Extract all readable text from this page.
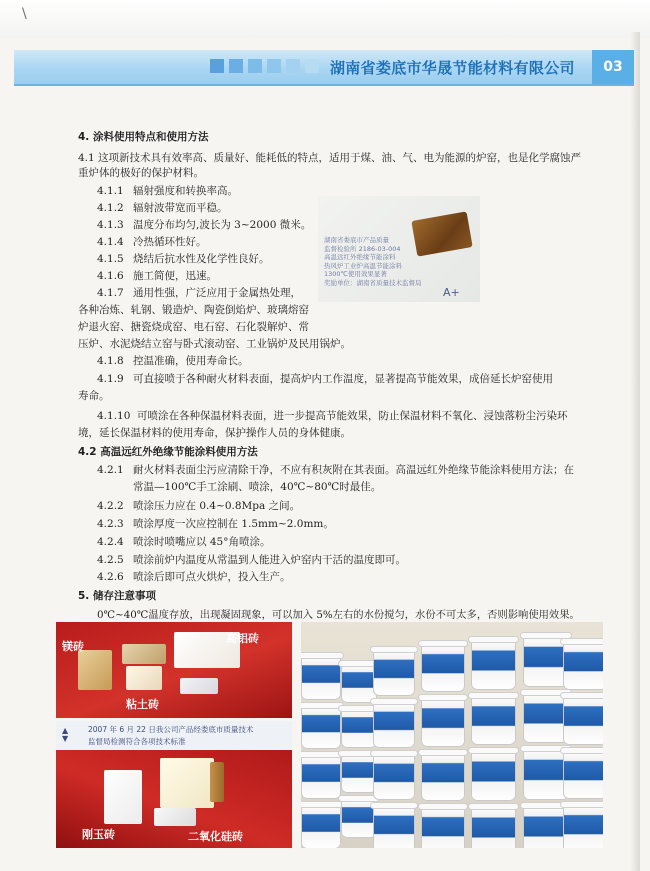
\
湖南省娄底市华晟节能材料有限公司	03
4. 涂料使用特点和使用方法
4.1 这项新技术具有效率高、质量好、能耗低的特点，适用于煤、油、气、电为能源的炉窑，也是化学腐蚀严
重炉体的极好的保护材料。
4.1.1 辐射强度和转换率高。
4.1.2 辐射波带宽而平稳。
4.1.3 温度分布均匀,波长为 3~2000 微米。
4.1.4 冷热循环性好。
4.1.5 烧结后抗水性及化学性良好。
4.1.6 施工简便，迅速。
4.1.7 通用性强，广泛应用于金属热处理，
各种冶炼、轧钢、锻造炉、陶瓷倒焰炉、玻璃熔窑
炉退火窑、搪瓷烧成窑、电石窑、石化裂解炉、常
压炉、水泥烧结立窑与卧式滚动窑、工业锅炉及民用锅炉。
4.1.8 控温准确，使用寿命长。
4.1.9 可直接喷于各种耐火材料表面，提高炉内工作温度，显著提高节能效果，成倍延长炉窑使用
寿命。
4.1.10 可喷涂在各种保温材料表面，进一步提高节能效果，防止保温材料不氧化、浸蚀落粉尘污染环
境，延长保温材料的使用寿命，保护操作人员的身体健康。
4.2 高温远红外绝缘节能涂料使用方法
4.2.1 耐火材料表面尘污应清除干净，不应有积灰附在其表面。高温远红外绝缘节能涂料使用方法；在
常温—100℃手工涂刷、喷涂，40℃~80℃时最佳。
4.2.2 喷涂压力应在 0.4~0.8Mpa 之间。
4.2.3 喷涂厚度一次应控制在 1.5mm~2.0mm。
4.2.4 喷涂时喷嘴应以 45°角喷涂。
4.2.5 喷涂前炉内温度从常温到人能进入炉窑内干活的温度即可。
4.2.6 喷涂后即可点火烘炉，投入生产。
5. 储存注意事项
0℃~40℃温度存放，出现凝固现象，可以加入 5%左右的水份搅匀，水份不可太多，否则影响使用效果。
湖南省娄底市产品质量
监督检验所 2186-03-004
高温远红外绝缘节能涂料
热风炉工业炉高温节能涂料
1300℃使用效果显著
奖励单位：湖南省质量技术监督局
A+
镁砖
高铝砖
粘土砖
▲
▼
2007 年 6 月 22 日我公司产品经娄底市质量技术
监督局检测符合各项技术标准
刚玉砖	二氧化硅砖
